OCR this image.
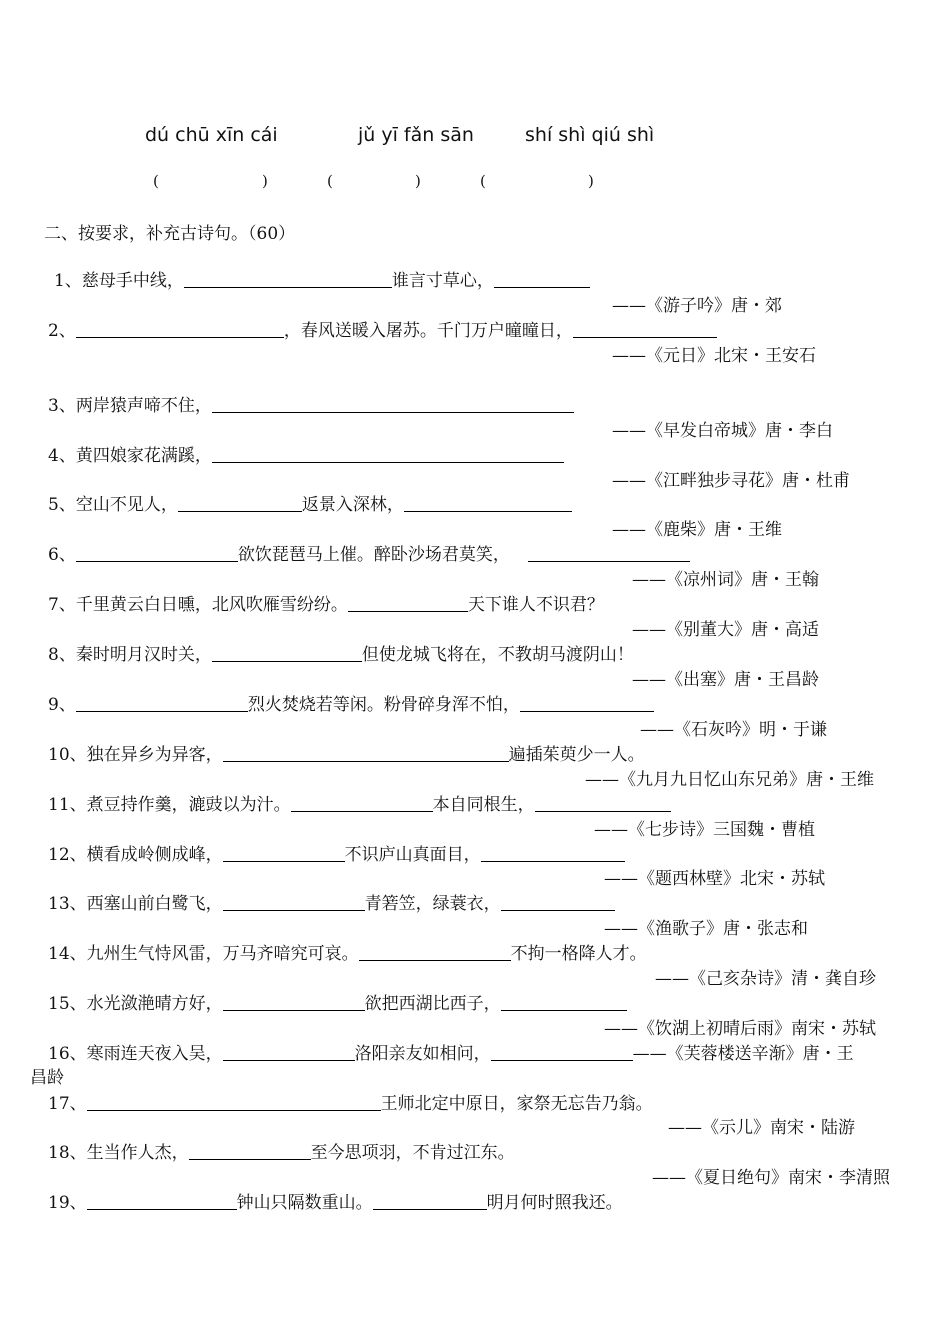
dú chū xīn cái	jǔ yī fǎn sān	shí shì qiú shì
(	)	(	)	(	)
二、按要求，补充古诗句。（60）
1、慈母手中线，	谁言寸草心，
——《游子吟》唐・郊
2、	，春风送暖入屠苏。千门万户曈曈日，
——《元日》北宋・王安石
3、两岸猿声啼不住，
——《早发白帝城》唐・李白
4、黄四娘家花满蹊，
——《江畔独步寻花》唐・杜甫
5、空山不见人，	返景入深林，
——《鹿柴》唐・王维
6、	欲饮琵琶马上催。醉卧沙场君莫笑，
——《凉州词》唐・王翰
7、千里黄云白日曛，北风吹雁雪纷纷。	天下谁人不识君？
——《别董大》唐・高适
8、秦时明月汉时关，	但使龙城飞将在，不教胡马渡阴山！
——《出塞》唐・王昌龄
9、	烈火焚烧若等闲。粉骨碎身浑不怕，
——《石灰吟》明・于谦
10、独在异乡为异客，	遍插茱萸少一人。
——《九月九日忆山东兄弟》唐・王维
11、煮豆持作羹，漉豉以为汁。	本自同根生，
——《七步诗》三国魏・曹植
12、横看成岭侧成峰，	不识庐山真面目，
——《题西林壁》北宋・苏轼
13、西塞山前白鹭飞，	青箬笠，绿蓑衣，
——《渔歌子》唐・张志和
14、九州生气恃风雷，万马齐喑究可哀。	不拘一格降人才。
——《己亥杂诗》清・龚自珍
15、水光潋滟晴方好，	欲把西湖比西子，
——《饮湖上初晴后雨》南宋・苏轼
16、寒雨连天夜入吴，	洛阳亲友如相问，	——《芙蓉楼送辛渐》唐・王
昌龄
17、	王师北定中原日，家祭无忘告乃翁。
——《示儿》南宋・陆游
18、生当作人杰，	至今思项羽，不肯过江东。
——《夏日绝句》南宋・李清照
19、	钟山只隔数重山。	明月何时照我还。
